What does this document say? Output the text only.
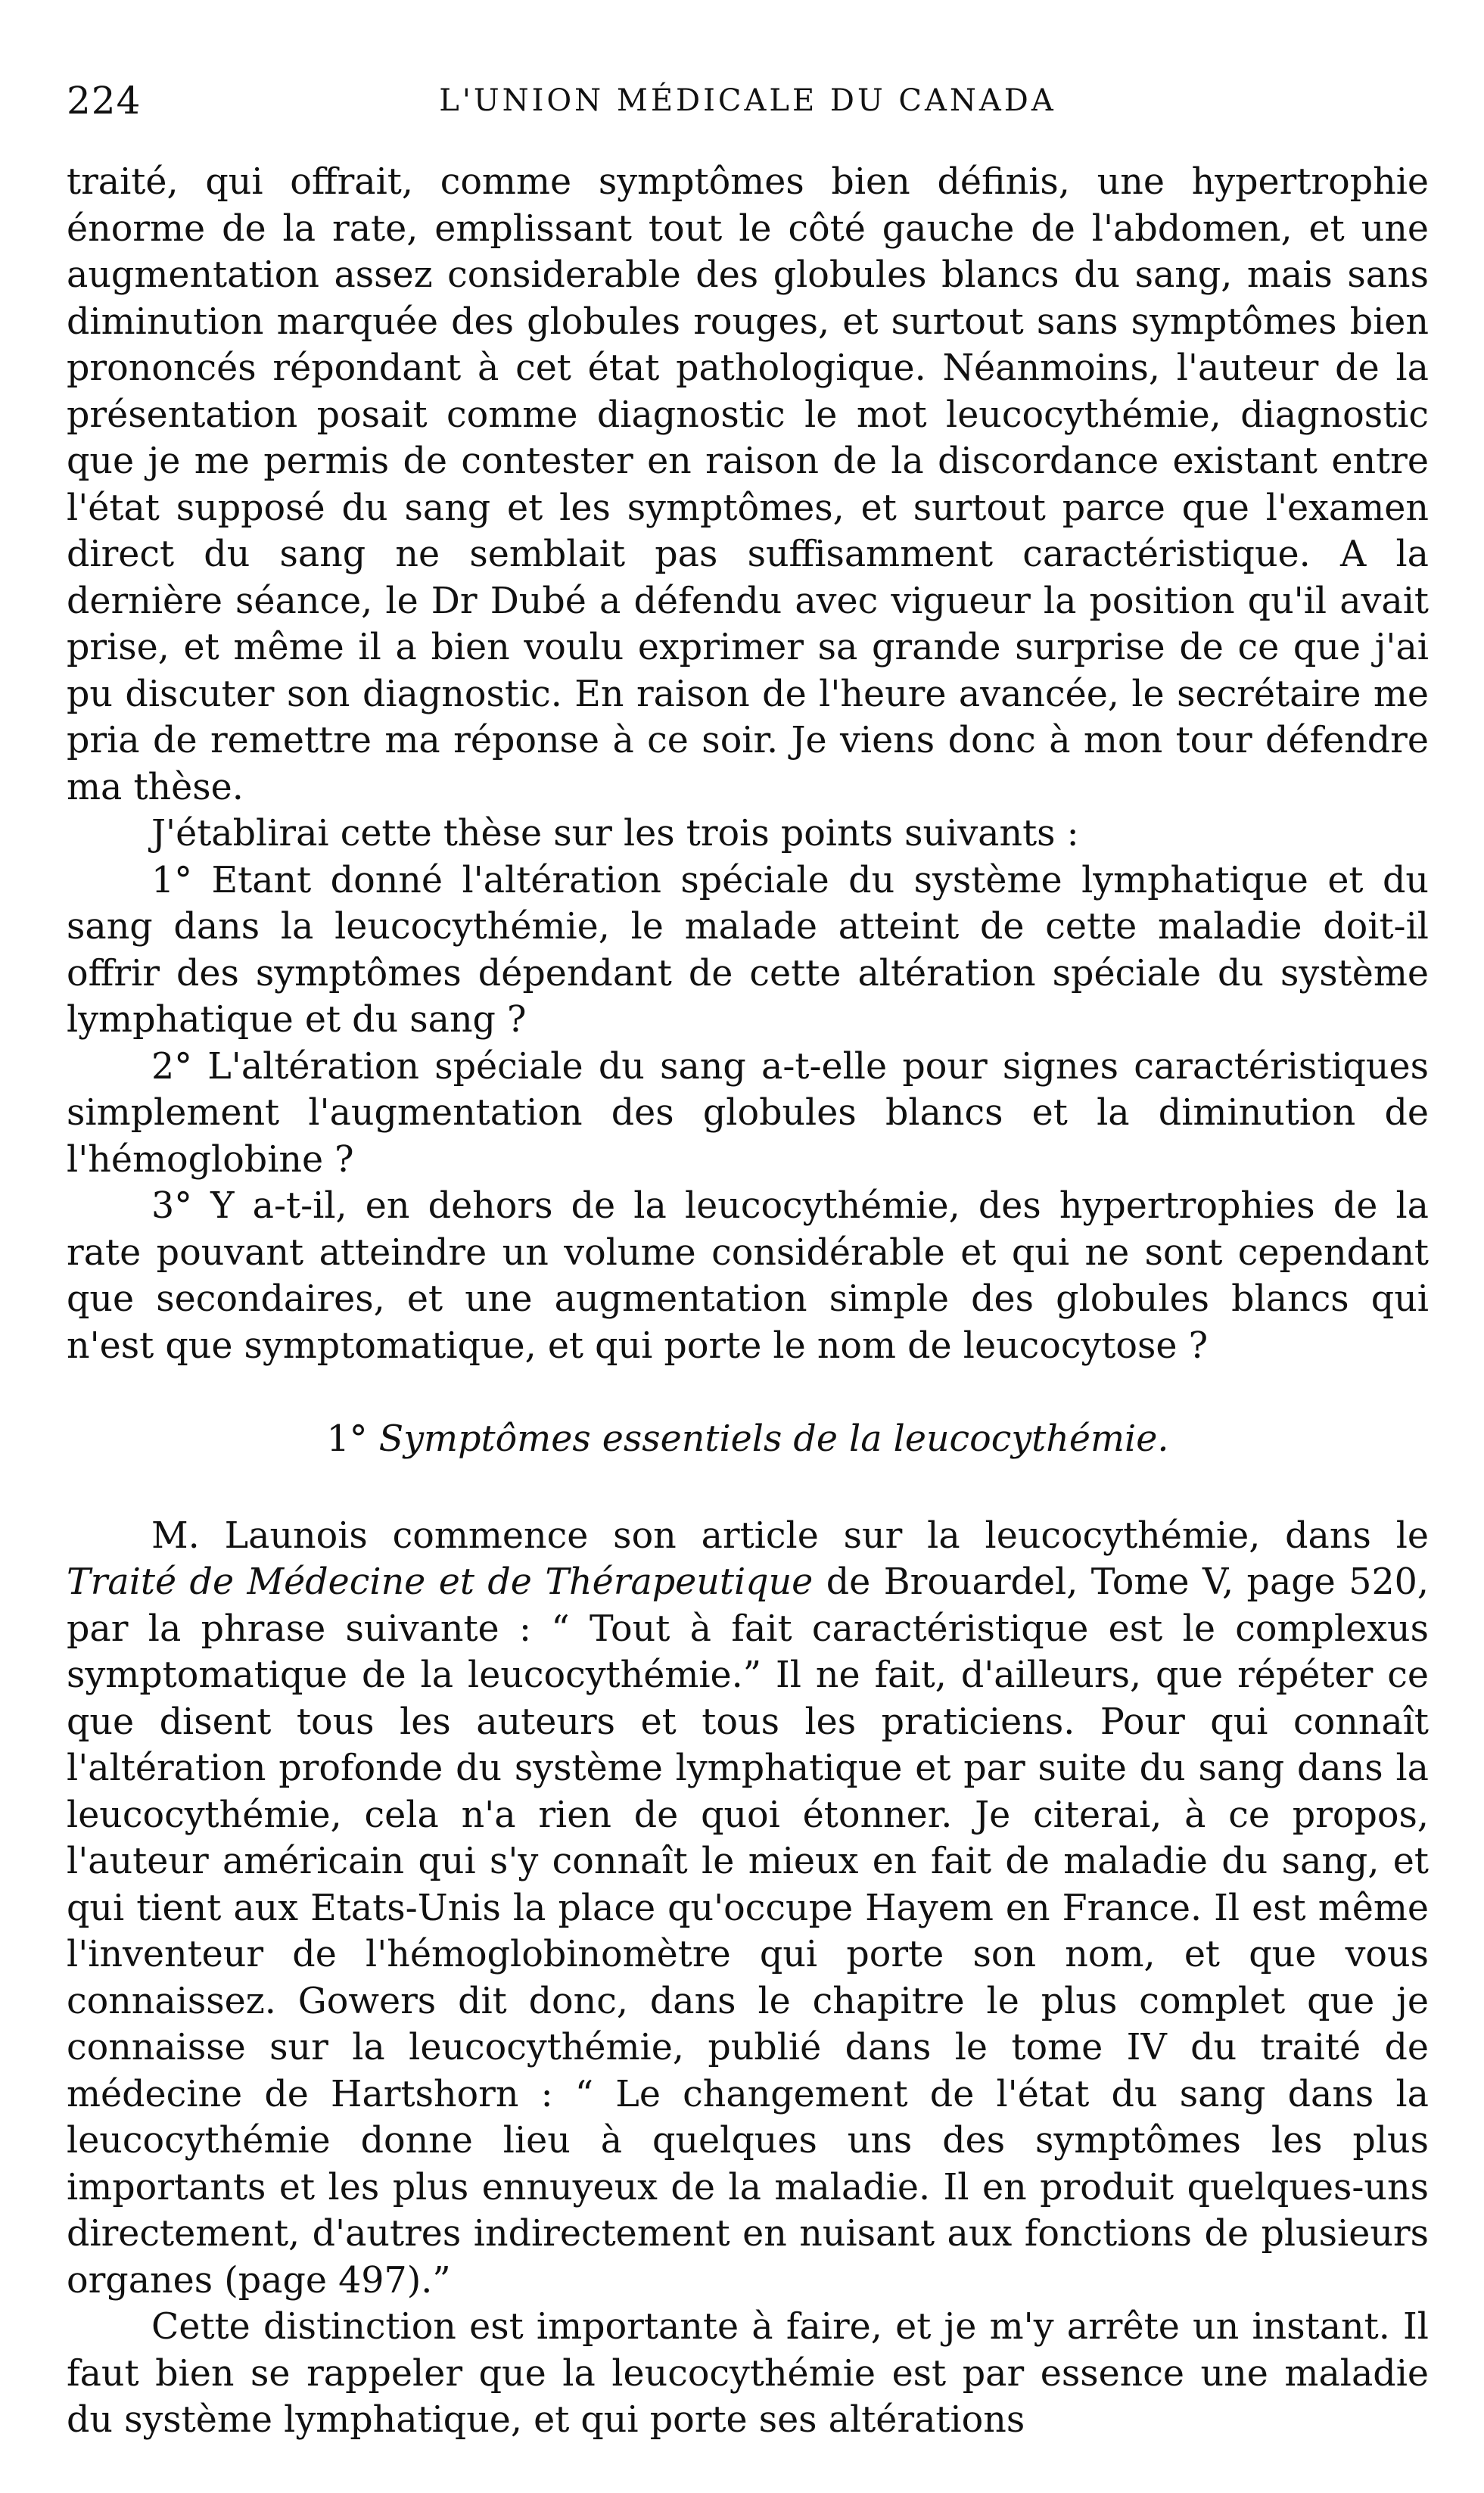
224	L'UNION MÉDICALE DU CANADA

traité, qui offrait, comme symptômes bien définis, une hypertrophie énorme de la rate, emplissant tout le côté gauche de l'abdomen, et une augmentation assez considerable des globules blancs du sang, mais sans diminution marquée des globules rouges, et surtout sans symptômes bien prononcés répondant à cet état pathologique. Néanmoins, l'auteur de la présentation posait comme diagnostic le mot leucocythémie, diagnostic que je me permis de contester en raison de la discordance existant entre l'état supposé du sang et les symptômes, et surtout parce que l'examen direct du sang ne semblait pas suffisamment caractéristique. A la dernière séance, le Dr Dubé a défendu avec vigueur la position qu'il avait prise, et même il a bien voulu exprimer sa grande surprise de ce que j'ai pu discuter son diagnostic. En raison de l'heure avancée, le secrétaire me pria de remettre ma réponse à ce soir. Je viens donc à mon tour défendre ma thèse.

J'établirai cette thèse sur les trois points suivants :

1° Etant donné l'altération spéciale du système lymphatique et du sang dans la leucocythémie, le malade atteint de cette maladie doit-il offrir des symptômes dépendant de cette altération spéciale du système lymphatique et du sang ?

2° L'altération spéciale du sang a-t-elle pour signes caractéristiques simplement l'augmentation des globules blancs et la diminution de l'hémoglobine ?

3° Y a-t-il, en dehors de la leucocythémie, des hypertrophies de la rate pouvant atteindre un volume considérable et qui ne sont cependant que secondaires, et une augmentation simple des globules blancs qui n'est que symptomatique, et qui porte le nom de leucocytose ?

1° Symptômes essentiels de la leucocythémie.

M. Launois commence son article sur la leucocythémie, dans le Traité de Médecine et de Thérapeutique de Brouardel, Tome V, page 520, par la phrase suivante : “ Tout à fait caractéristique est le complexus symptomatique de la leucocythémie.” Il ne fait, d'ailleurs, que répéter ce que disent tous les auteurs et tous les praticiens. Pour qui connaît l'altération profonde du système lymphatique et par suite du sang dans la leucocythémie, cela n'a rien de quoi étonner. Je citerai, à ce propos, l'auteur américain qui s'y connaît le mieux en fait de maladie du sang, et qui tient aux Etats-Unis la place qu'occupe Hayem en France. Il est même l'inventeur de l'hémoglobinomètre qui porte son nom, et que vous connaissez. Gowers dit donc, dans le chapitre le plus complet que je connaisse sur la leucocythémie, publié dans le tome IV du traité de médecine de Hartshorn : “ Le changement de l'état du sang dans la leucocythémie donne lieu à quelques uns des symptômes les plus importants et les plus ennuyeux de la maladie. Il en produit quelques-uns directement, d'autres indirectement en nuisant aux fonctions de plusieurs organes (page 497).”

Cette distinction est importante à faire, et je m'y arrête un instant. Il faut bien se rappeler que la leucocythémie est par essence une maladie du système lymphatique, et qui porte ses altérations
